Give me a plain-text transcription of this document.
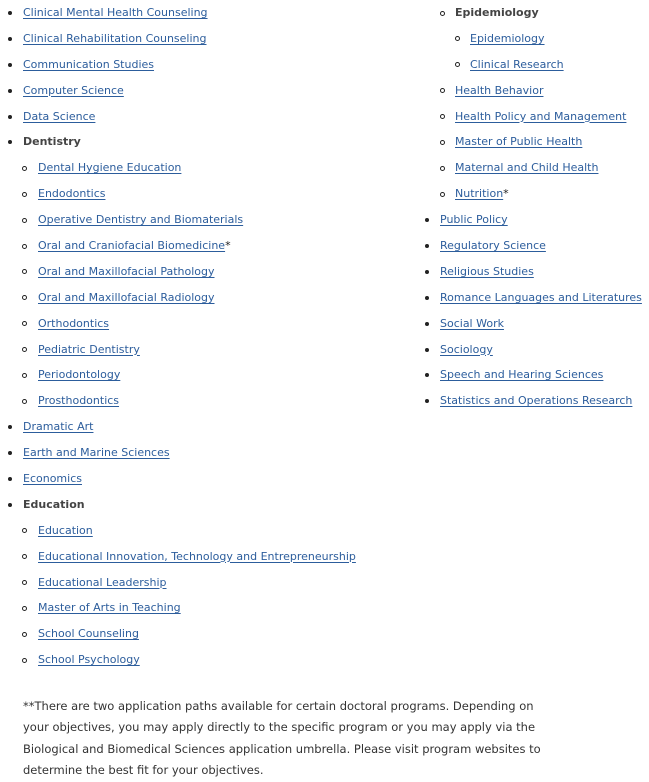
Clinical Mental Health Counseling
Clinical Rehabilitation Counseling
Communication Studies
Computer Science
Data Science
Dentistry
Dental Hygiene Education
Endodontics
Operative Dentistry and Biomaterials
Oral and Craniofacial Biomedicine*
Oral and Maxillofacial Pathology
Oral and Maxillofacial Radiology
Orthodontics
Pediatric Dentistry
Periodontology
Prosthodontics
Dramatic Art
Earth and Marine Sciences
Economics
Education
Education
Educational Innovation, Technology and Entrepreneurship
Educational Leadership
Master of Arts in Teaching
School Counseling
School Psychology
Epidemiology
Epidemiology
Clinical Research
Health Behavior
Health Policy and Management
Master of Public Health
Maternal and Child Health
Nutrition*
Public Policy
Regulatory Science
Religious Studies
Romance Languages and Literatures
Social Work
Sociology
Speech and Hearing Sciences
Statistics and Operations Research

**There are two application paths available for certain doctoral programs. Depending on your objectives, you may apply directly to the specific program or you may apply via the Biological and Biomedical Sciences application umbrella. Please visit program websites to determine the best fit for your objectives.
